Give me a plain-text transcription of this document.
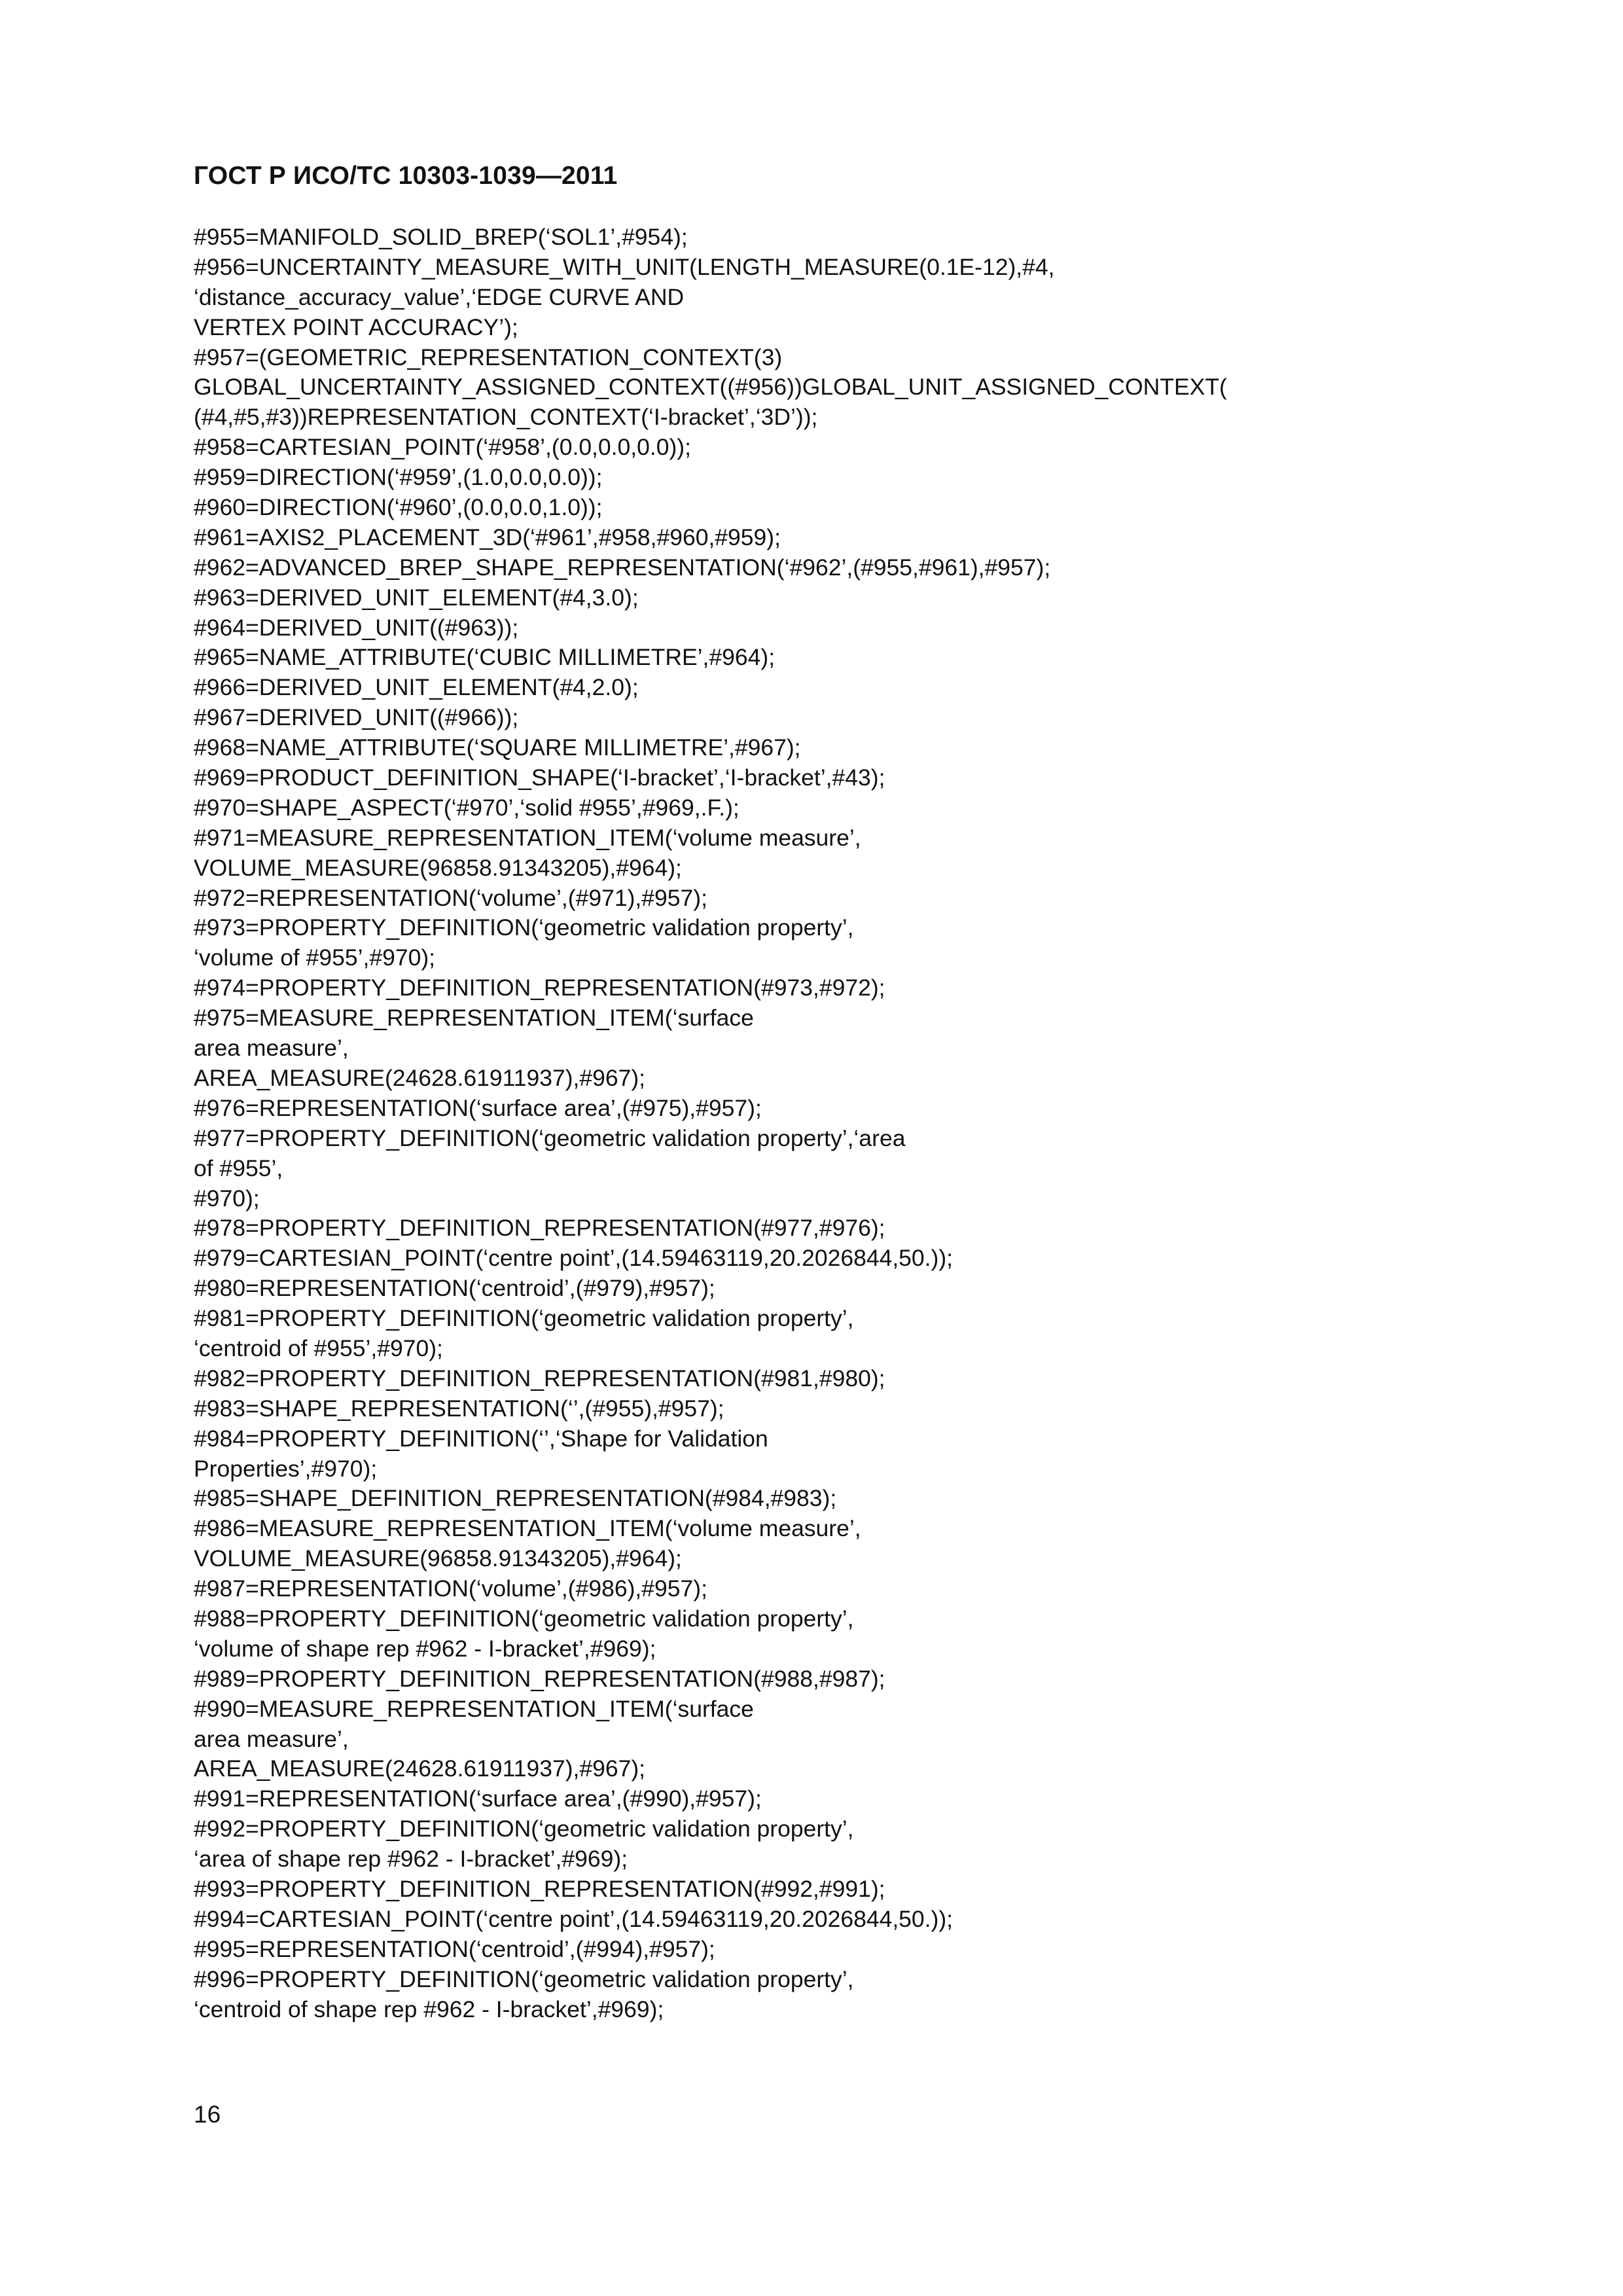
ГОСТ Р ИСО/ТС 10303-1039—2011
#955=MANIFOLD_SOLID_BREP(‘SOL1’,#954);
#956=UNCERTAINTY_MEASURE_WITH_UNIT(LENGTH_MEASURE(0.1E-12),#4,
‘distance_accuracy_value’,‘EDGE CURVE AND
VERTEX POINT ACCURACY’);
#957=(GEOMETRIC_REPRESENTATION_CONTEXT(3)
GLOBAL_UNCERTAINTY_ASSIGNED_CONTEXT((#956))GLOBAL_UNIT_ASSIGNED_CONTEXT(
(#4,#5,#3))REPRESENTATION_CONTEXT(‘I-bracket’,‘3D’));
#958=CARTESIAN_POINT(‘#958’,(0.0,0.0,0.0));
#959=DIRECTION(‘#959’,(1.0,0.0,0.0));
#960=DIRECTION(‘#960’,(0.0,0.0,1.0));
#961=AXIS2_PLACEMENT_3D(‘#961’,#958,#960,#959);
#962=ADVANCED_BREP_SHAPE_REPRESENTATION(‘#962’,(#955,#961),#957);
#963=DERIVED_UNIT_ELEMENT(#4,3.0);
#964=DERIVED_UNIT((#963));
#965=NAME_ATTRIBUTE(‘CUBIC MILLIMETRE’,#964);
#966=DERIVED_UNIT_ELEMENT(#4,2.0);
#967=DERIVED_UNIT((#966));
#968=NAME_ATTRIBUTE(‘SQUARE MILLIMETRE’,#967);
#969=PRODUCT_DEFINITION_SHAPE(‘I-bracket’,‘I-bracket’,#43);
#970=SHAPE_ASPECT(‘#970’,‘solid #955’,#969,.F.);
#971=MEASURE_REPRESENTATION_ITEM(‘volume measure’,
VOLUME_MEASURE(96858.91343205),#964);
#972=REPRESENTATION(‘volume’,(#971),#957);
#973=PROPERTY_DEFINITION(‘geometric validation property’,
‘volume of #955’,#970);
#974=PROPERTY_DEFINITION_REPRESENTATION(#973,#972);
#975=MEASURE_REPRESENTATION_ITEM(‘surface
area measure’,
AREA_MEASURE(24628.61911937),#967);
#976=REPRESENTATION(‘surface area’,(#975),#957);
#977=PROPERTY_DEFINITION(‘geometric validation property’,‘area
of #955’,
#970);
#978=PROPERTY_DEFINITION_REPRESENTATION(#977,#976);
#979=CARTESIAN_POINT(‘centre point’,(14.59463119,20.2026844,50.));
#980=REPRESENTATION(‘centroid’,(#979),#957);
#981=PROPERTY_DEFINITION(‘geometric validation property’,
‘centroid of #955’,#970);
#982=PROPERTY_DEFINITION_REPRESENTATION(#981,#980);
#983=SHAPE_REPRESENTATION(‘’,(#955),#957);
#984=PROPERTY_DEFINITION(‘’,‘Shape for Validation
Properties’,#970);
#985=SHAPE_DEFINITION_REPRESENTATION(#984,#983);
#986=MEASURE_REPRESENTATION_ITEM(‘volume measure’,
VOLUME_MEASURE(96858.91343205),#964);
#987=REPRESENTATION(‘volume’,(#986),#957);
#988=PROPERTY_DEFINITION(‘geometric validation property’,
‘volume of shape rep #962 - I-bracket’,#969);
#989=PROPERTY_DEFINITION_REPRESENTATION(#988,#987);
#990=MEASURE_REPRESENTATION_ITEM(‘surface
area measure’,
AREA_MEASURE(24628.61911937),#967);
#991=REPRESENTATION(‘surface area’,(#990),#957);
#992=PROPERTY_DEFINITION(‘geometric validation property’,
‘area of shape rep #962 - I-bracket’,#969);
#993=PROPERTY_DEFINITION_REPRESENTATION(#992,#991);
#994=CARTESIAN_POINT(‘centre point’,(14.59463119,20.2026844,50.));
#995=REPRESENTATION(‘centroid’,(#994),#957);
#996=PROPERTY_DEFINITION(‘geometric validation property’,
‘centroid of shape rep #962 - I-bracket’,#969);

16
